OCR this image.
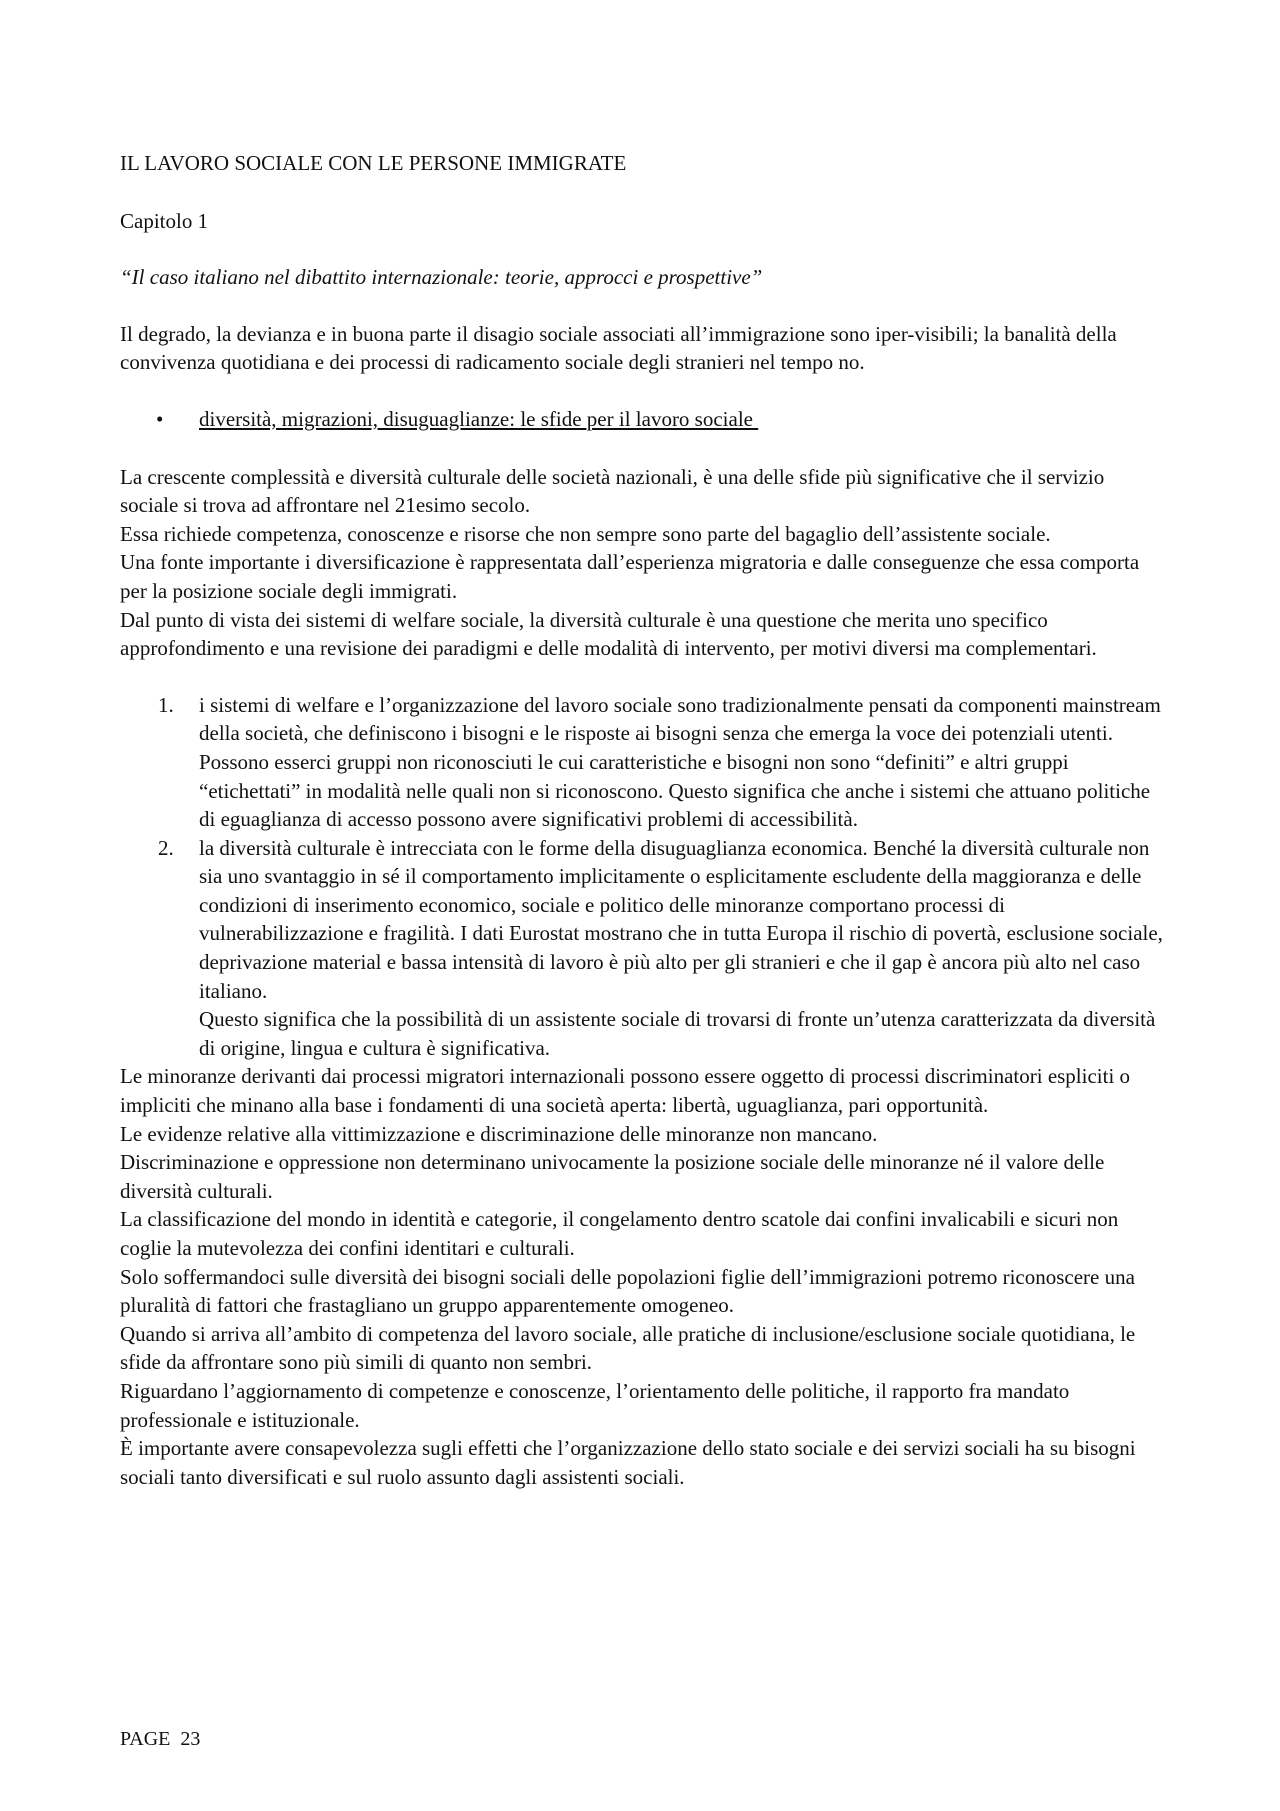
IL LAVORO SOCIALE CON LE PERSONE IMMIGRATE

Capitolo 1

“Il caso italiano nel dibattito internazionale: teorie, approcci e prospettive”

Il degrado, la devianza e in buona parte il disagio sociale associati all’immigrazione sono iper-visibili; la banalità della convivenza quotidiana e dei processi di radicamento sociale degli stranieri nel tempo no.

• diversità, migrazioni, disuguaglianze: le sfide per il lavoro sociale

La crescente complessità e diversità culturale delle società nazionali, è una delle sfide più significative che il servizio sociale si trova ad affrontare nel 21esimo secolo.

Essa richiede competenza, conoscenze e risorse che non sempre sono parte del bagaglio dell’assistente sociale.

Una fonte importante i diversificazione è rappresentata dall’esperienza migratoria e dalle conseguenze che essa comporta per la posizione sociale degli immigrati.

Dal punto di vista dei sistemi di welfare sociale, la diversità culturale è una questione che merita uno specifico approfondimento e una revisione dei paradigmi e delle modalità di intervento, per motivi diversi ma complementari.

1. i sistemi di welfare e l’organizzazione del lavoro sociale sono tradizionalmente pensati da componenti mainstream della società, che definiscono i bisogni e le risposte ai bisogni senza che emerga la voce dei potenziali utenti. Possono esserci gruppi non riconosciuti le cui caratteristiche e bisogni non sono “definiti” e altri gruppi “etichettati” in modalità nelle quali non si riconoscono. Questo significa che anche i sistemi che attuano politiche di eguaglianza di accesso possono avere significativi problemi di accessibilità.

2. la diversità culturale è intrecciata con le forme della disuguaglianza economica. Benché la diversità culturale non sia uno svantaggio in sé il comportamento implicitamente o esplicitamente escludente della maggioranza e delle condizioni di inserimento economico, sociale e politico delle minoranze comportano processi di vulnerabilizzazione e fragilità. I dati Eurostat mostrano che in tutta Europa il rischio di povertà, esclusione sociale, deprivazione material e bassa intensità di lavoro è più alto per gli stranieri e che il gap è ancora più alto nel caso italiano.

Questo significa che la possibilità di un assistente sociale di trovarsi di fronte un’utenza caratterizzata da diversità di origine, lingua e cultura è significativa.

Le minoranze derivanti dai processi migratori internazionali possono essere oggetto di processi discriminatori espliciti o impliciti che minano alla base i fondamenti di una società aperta: libertà, uguaglianza, pari opportunità.

Le evidenze relative alla vittimizzazione e discriminazione delle minoranze non mancano.

Discriminazione e oppressione non determinano univocamente la posizione sociale delle minoranze né il valore delle diversità culturali.

La classificazione del mondo in identità e categorie, il congelamento dentro scatole dai confini invalicabili e sicuri non coglie la mutevolezza dei confini identitari e culturali.

Solo soffermandoci sulle diversità dei bisogni sociali delle popolazioni figlie dell’immigrazioni potremo riconoscere una pluralità di fattori che frastagliano un gruppo apparentemente omogeneo.

Quando si arriva all’ambito di competenza del lavoro sociale, alle pratiche di inclusione/esclusione sociale quotidiana, le sfide da affrontare sono più simili di quanto non sembri.

Riguardano l’aggiornamento di competenze e conoscenze, l’orientamento delle politiche, il rapporto fra mandato professionale e istituzionale.

È importante avere consapevolezza sugli effetti che l’organizzazione dello stato sociale e dei servizi sociali ha su bisogni sociali tanto diversificati e sul ruolo assunto dagli assistenti sociali.

PAGE  23
